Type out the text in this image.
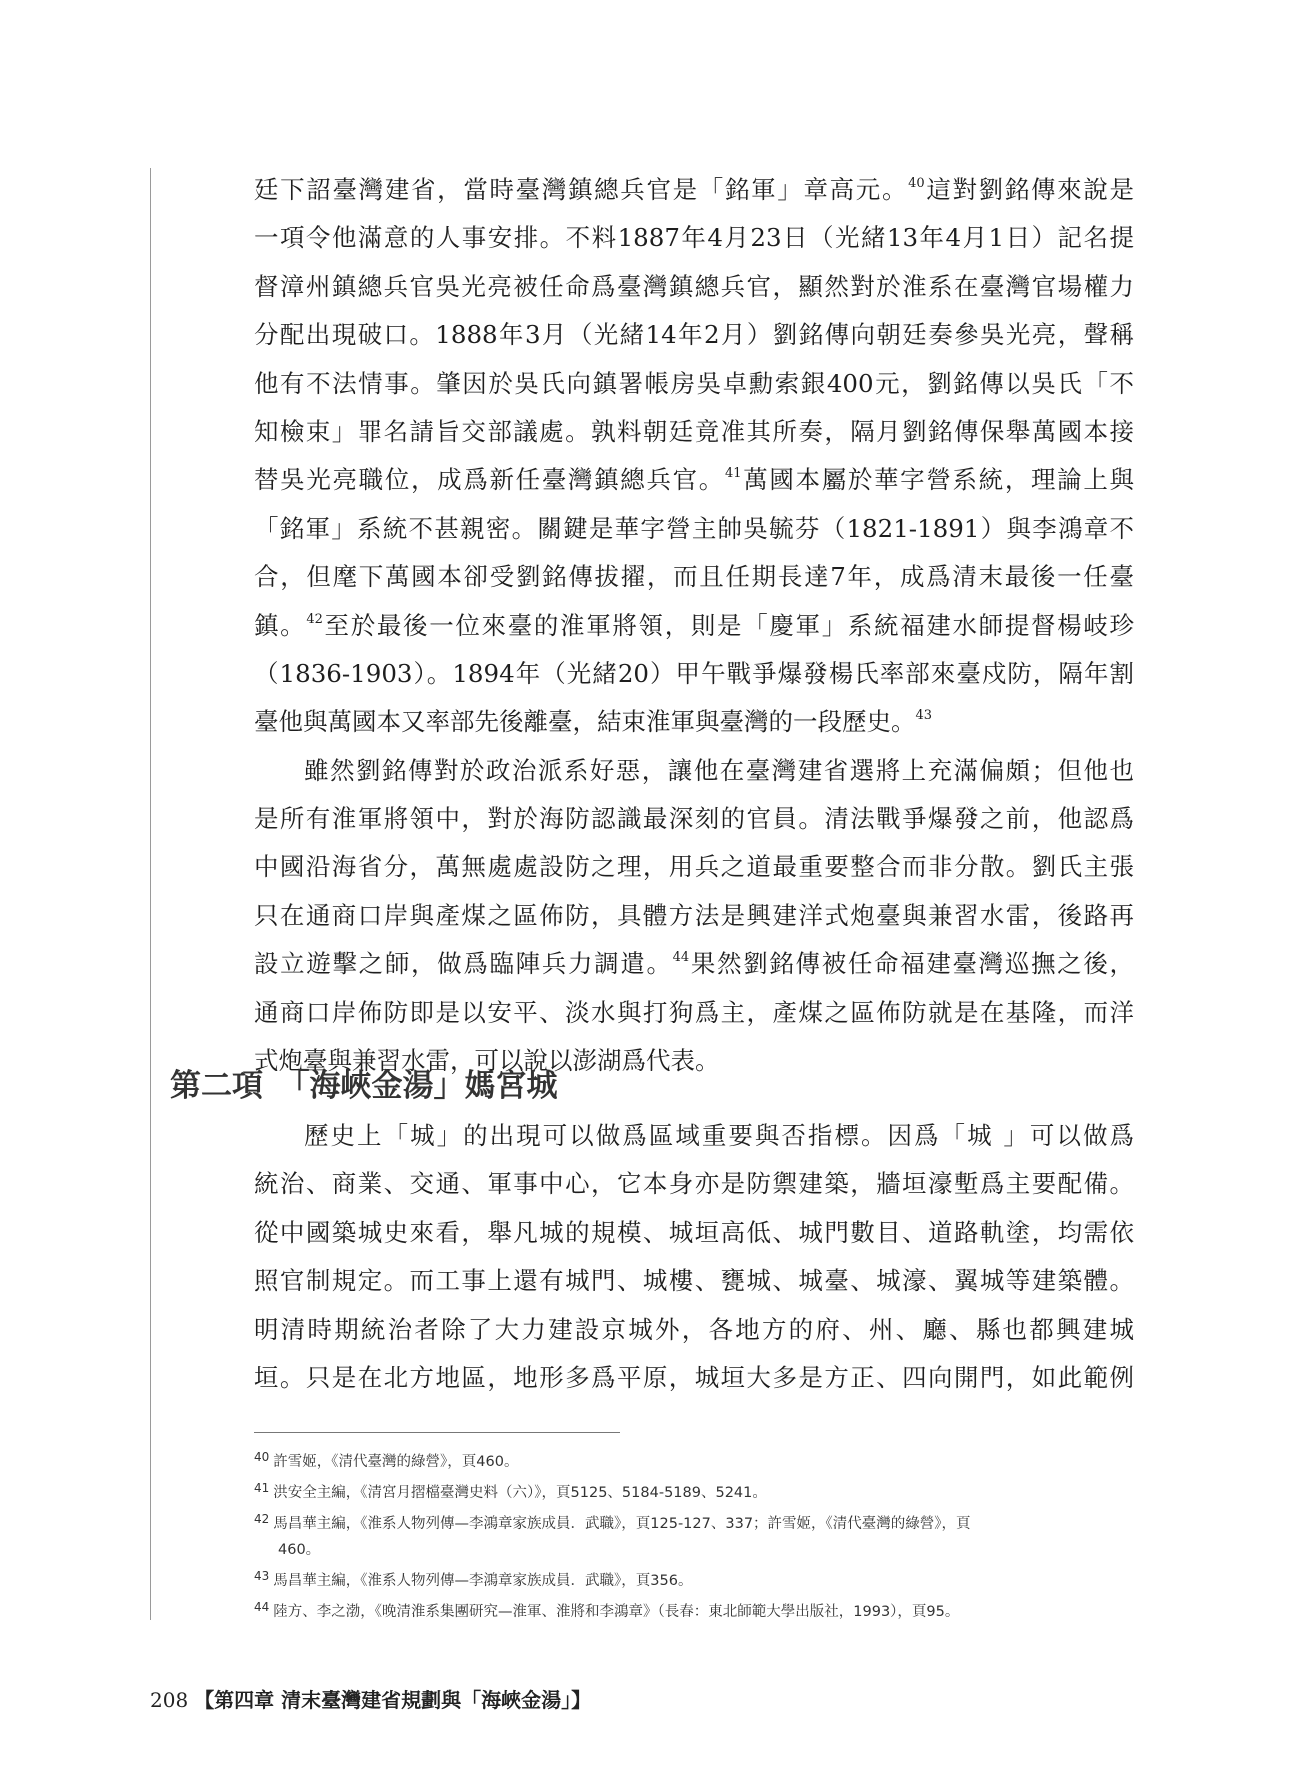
廷下詔臺灣建省，當時臺灣鎮總兵官是「銘軍」章高元。$^{40}$這對劉銘傳來說是
一項令他滿意的人事安排。不料1887年4月23日（光緒13年4月1日）記名提
督漳州鎮總兵官吳光亮被任命爲臺灣鎮總兵官，顯然對於淮系在臺灣官場權力
分配出現破口。1888年3月（光緒14年2月）劉銘傳向朝廷奏參吳光亮，聲稱
他有不法情事。肇因於吳氏向鎮署帳房吳卓勳索銀400元，劉銘傳以吳氏「不
知檢束」罪名請旨交部議處。孰料朝廷竟准其所奏，隔月劉銘傳保舉萬國本接
替吳光亮職位，成爲新任臺灣鎮總兵官。$^{41}$萬國本屬於華字營系統，理論上與
「銘軍」系統不甚親密。關鍵是華字營主帥吳毓芬（1821-1891）與李鴻章不
合，但麾下萬國本卻受劉銘傳拔擢，而且任期長達7年，成爲清末最後一任臺
鎮。$^{42}$至於最後一位來臺的淮軍將領，則是「慶軍」系統福建水師提督楊岐珍
（1836-1903）。1894年（光緒20）甲午戰爭爆發楊氏率部來臺戍防，隔年割
臺他與萬國本又率部先後離臺，結束淮軍與臺灣的一段歷史。$^{43}$
雖然劉銘傳對於政治派系好惡，讓他在臺灣建省選將上充滿偏頗；但他也
是所有淮軍將領中，對於海防認識最深刻的官員。清法戰爭爆發之前，他認爲
中國沿海省分，萬無處處設防之理，用兵之道最重要整合而非分散。劉氏主張
只在通商口岸與產煤之區佈防，具體方法是興建洋式炮臺與兼習水雷，後路再
設立遊擊之師，做爲臨陣兵力調遣。$^{44}$果然劉銘傳被任命福建臺灣巡撫之後，
通商口岸佈防即是以安平、淡水與打狗爲主，產煤之區佈防就是在基隆，而洋
式炮臺與兼習水雷，可以說以澎湖爲代表。
第二項　「海峽金湯」媽宮城
歷史上「城」的出現可以做爲區域重要與否指標。因爲「城 」可以做爲
統治、商業、交通、軍事中心，它本身亦是防禦建築，牆垣濠塹爲主要配備。
從中國築城史來看，舉凡城的規模、城垣高低、城門數目、道路軌塗，均需依
照官制規定。而工事上還有城門、城樓、甕城、城臺、城濠、翼城等建築體。
明清時期統治者除了大力建設京城外，各地方的府、州、廳、縣也都興建城
垣。只是在北方地區，地形多爲平原，城垣大多是方正、四向開門，如此範例
$^{40}$ 許雪姬，《清代臺灣的綠營》，頁460。
$^{41}$ 洪安全主編，《清宮月摺檔臺灣史料（六）》，頁5125、5184-5189、5241。
$^{42}$ 馬昌華主編，《淮系人物列傳—李鴻章家族成員．武職》，頁125-127、337；許雪姬，《清代臺灣的綠營》，頁
460。
$^{43}$ 馬昌華主編，《淮系人物列傳—李鴻章家族成員．武職》，頁356。
$^{44}$ 陸方、李之渤，《晚清淮系集團研究—淮軍、淮將和李鴻章》（長春：東北師範大學出版社，1993），頁95。
208 【第四章 清末臺灣建省規劃與「海峽金湯」】
